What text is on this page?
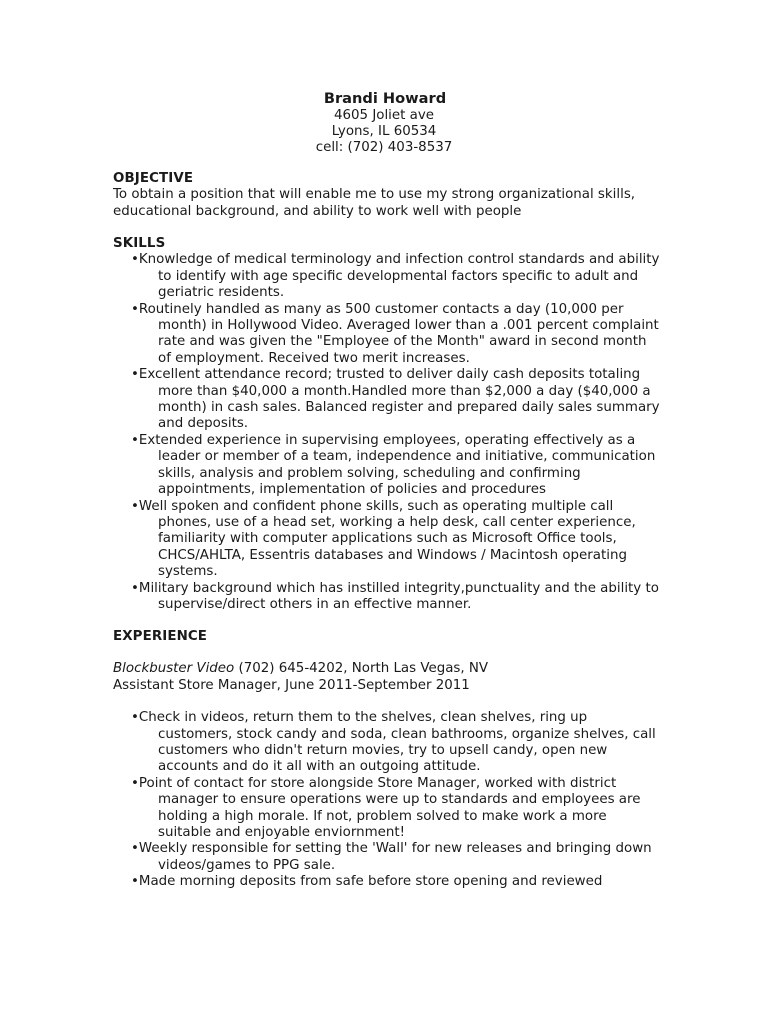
Brandi Howard
4605 Joliet ave
Lyons, IL 60534
cell: (702) 403-8537
OBJECTIVE
To obtain a position that will enable me to use my strong organizational skills,
educational background, and ability to work well with people
SKILLS
•Knowledge of medical terminology and infection control standards and ability to identify with age specific developmental factors specific to adult and geriatric residents.
•Routinely handled as many as 500 customer contacts a day (10,000 per month) in Hollywood Video. Averaged lower than a .001 percent complaint rate and was given the "Employee of the Month" award in second month of employment. Received two merit increases.
•Excellent attendance record; trusted to deliver daily cash deposits totaling more than $40,000 a month.Handled more than $2,000 a day ($40,000 a month) in cash sales. Balanced register and prepared daily sales summary and deposits.
•Extended experience in supervising employees, operating effectively as a leader or member of a team, independence and initiative, communication skills, analysis and problem solving, scheduling and confirming appointments, implementation of policies and procedures
•Well spoken and confident phone skills, such as operating multiple call phones, use of a head set, working a help desk, call center experience, familiarity with computer applications such as Microsoft Office tools, CHCS/AHLTA, Essentris databases and Windows / Macintosh operating systems.
•Military background which has instilled integrity,punctuality and the ability to supervise/direct others in an effective manner.
EXPERIENCE
Blockbuster Video (702) 645-4202, North Las Vegas, NV
Assistant Store Manager, June 2011-September 2011
•Check in videos, return them to the shelves, clean shelves, ring up customers, stock candy and soda, clean bathrooms, organize shelves, call customers who didn't return movies, try to upsell candy, open new accounts and do it all with an outgoing attitude.
•Point of contact for store alongside Store Manager, worked with district manager to ensure operations were up to standards and employees are holding a high morale. If not, problem solved to make work a more suitable and enjoyable enviornment!
•Weekly responsible for setting the 'Wall' for new releases and bringing down videos/games to PPG sale.
•Made morning deposits from safe before store opening and reviewed
